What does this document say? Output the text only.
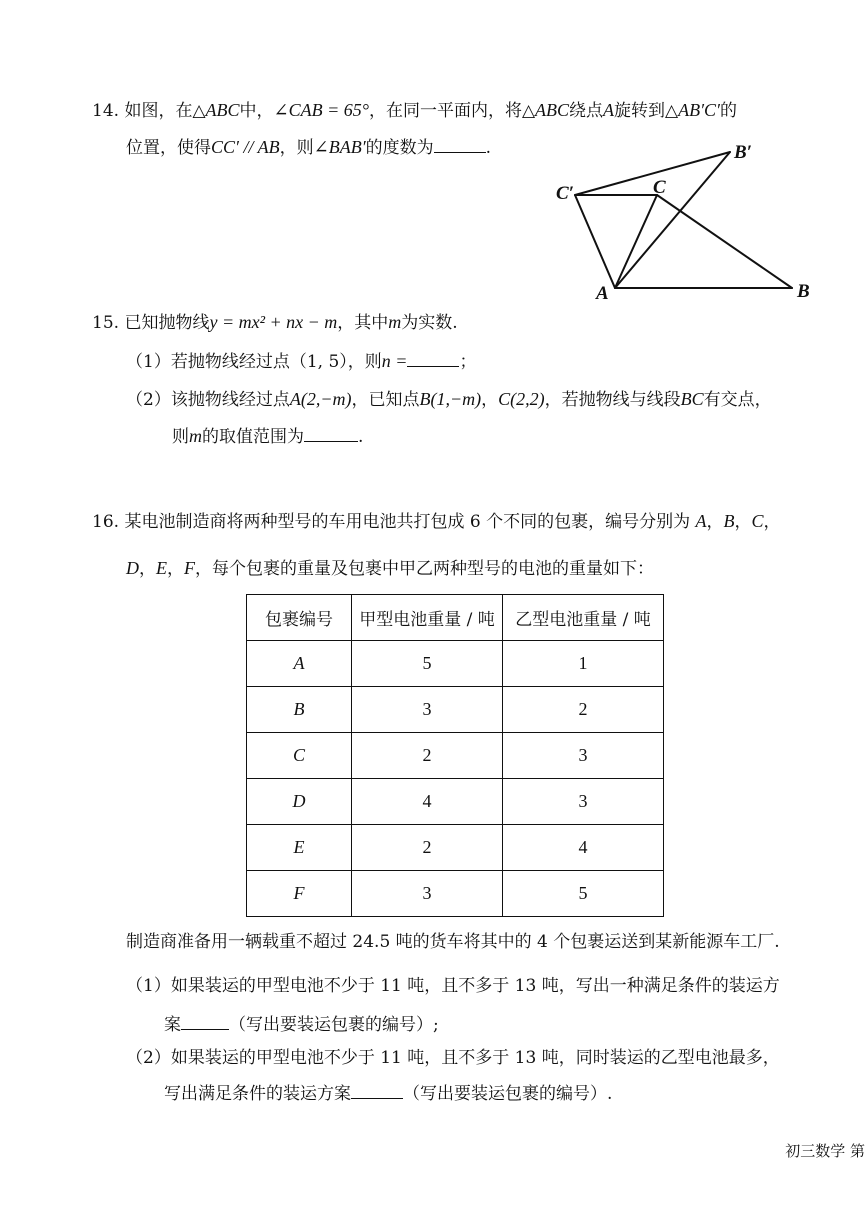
14. 如图，在△ABC中，∠CAB = 65°，在同一平面内，将△ABC绕点A旋转到△AB′C′的
位置，使得CC′ // AB，则∠BAB′的度数为	.
A	B
C
B′
C′
15. 已知抛物线y = mx² + nx − m，其中m为实数.
（1）若抛物线经过点（1, 5），则n =	；
（2）该抛物线经过点A(2,−m)，已知点B(1,−m)，C(2,2)，若抛物线与线段BC有交点，
则m的取值范围为	.
16. 某电池制造商将两种型号的车用电池共打包成 6 个不同的包裹，编号分别为 A，B，C，
D，E，F，每个包裹的重量及包裹中甲乙两种型号的电池的重量如下：
包裹编号	甲型电池重量 / 吨	乙型电池重量 / 吨
A	5	1
B	3	2
C	2	3
D	4	3
E	2	4
F	3	5
制造商准备用一辆载重不超过 24.5 吨的货车将其中的 4 个包裹运送到某新能源车工厂.
（1）如果装运的甲型电池不少于 11 吨，且不多于 13 吨，写出一种满足条件的装运方
案	（写出要装运包裹的编号）;
（2）如果装运的甲型电池不少于 11 吨，且不多于 13 吨，同时装运的乙型电池最多，
写出满足条件的装运方案	（写出要装运包裹的编号）.
初三数学 第
